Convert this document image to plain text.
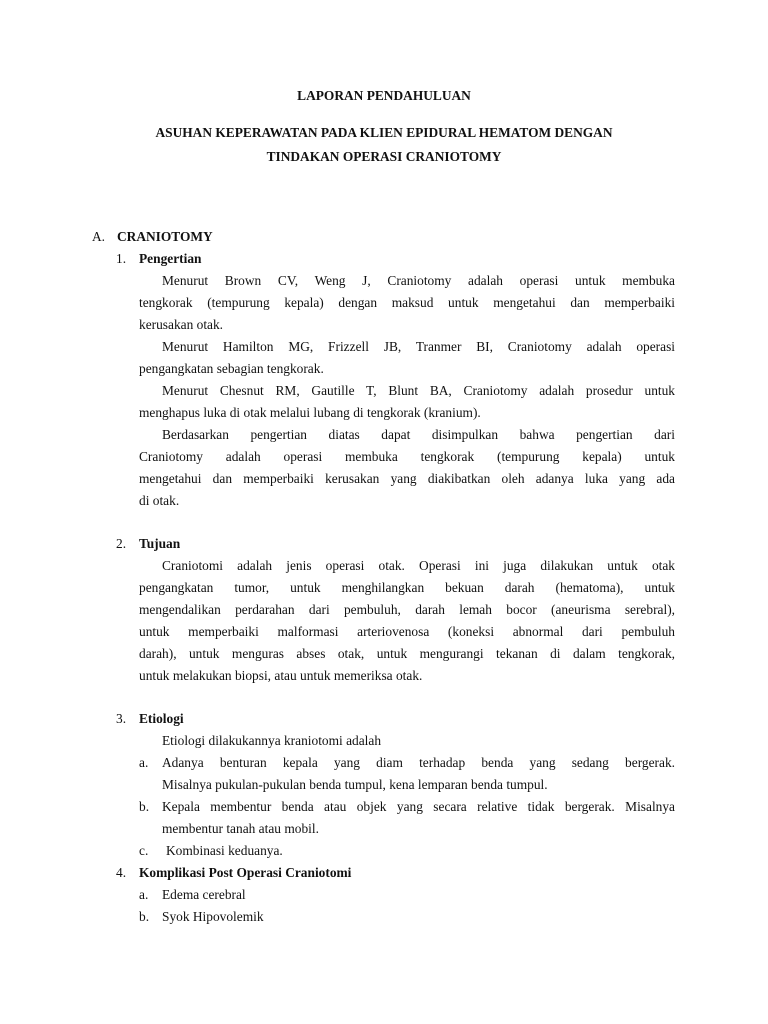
LAPORAN PENDAHULUAN
ASUHAN KEPERAWATAN PADA KLIEN EPIDURAL HEMATOM DENGAN
TINDAKAN OPERASI CRANIOTOMY
A. CRANIOTOMY
1. Pengertian
Menurut Brown CV, Weng J, Craniotomy adalah operasi untuk membuka
tengkorak (tempurung kepala) dengan maksud untuk mengetahui dan memperbaiki
kerusakan otak.
Menurut Hamilton MG, Frizzell JB, Tranmer BI, Craniotomy adalah operasi
pengangkatan sebagian tengkorak.
Menurut Chesnut RM, Gautille T, Blunt BA, Craniotomy adalah prosedur untuk
menghapus luka di otak melalui lubang di tengkorak (kranium).
Berdasarkan pengertian diatas dapat disimpulkan bahwa pengertian dari
Craniotomy adalah operasi membuka tengkorak (tempurung kepala) untuk
mengetahui dan memperbaiki kerusakan yang diakibatkan oleh adanya luka yang ada
di otak.
2. Tujuan
Craniotomi adalah jenis operasi otak. Operasi ini juga dilakukan untuk otak
pengangkatan tumor, untuk menghilangkan bekuan darah (hematoma), untuk
mengendalikan perdarahan dari pembuluh, darah lemah bocor (aneurisma serebral),
untuk memperbaiki malformasi arteriovenosa (koneksi abnormal dari pembuluh
darah), untuk menguras abses otak, untuk mengurangi tekanan di dalam tengkorak,
untuk melakukan biopsi, atau untuk memeriksa otak.
3. Etiologi
Etiologi dilakukannya kraniotomi adalah
a. Adanya benturan kepala yang diam terhadap benda yang sedang bergerak.
Misalnya pukulan-pukulan benda tumpul, kena lemparan benda tumpul.
b. Kepala membentur benda atau objek yang secara relative tidak bergerak. Misalnya
membentur tanah atau mobil.
c. Kombinasi keduanya.
4. Komplikasi Post Operasi Craniotomi
a. Edema cerebral
b. Syok Hipovolemik
